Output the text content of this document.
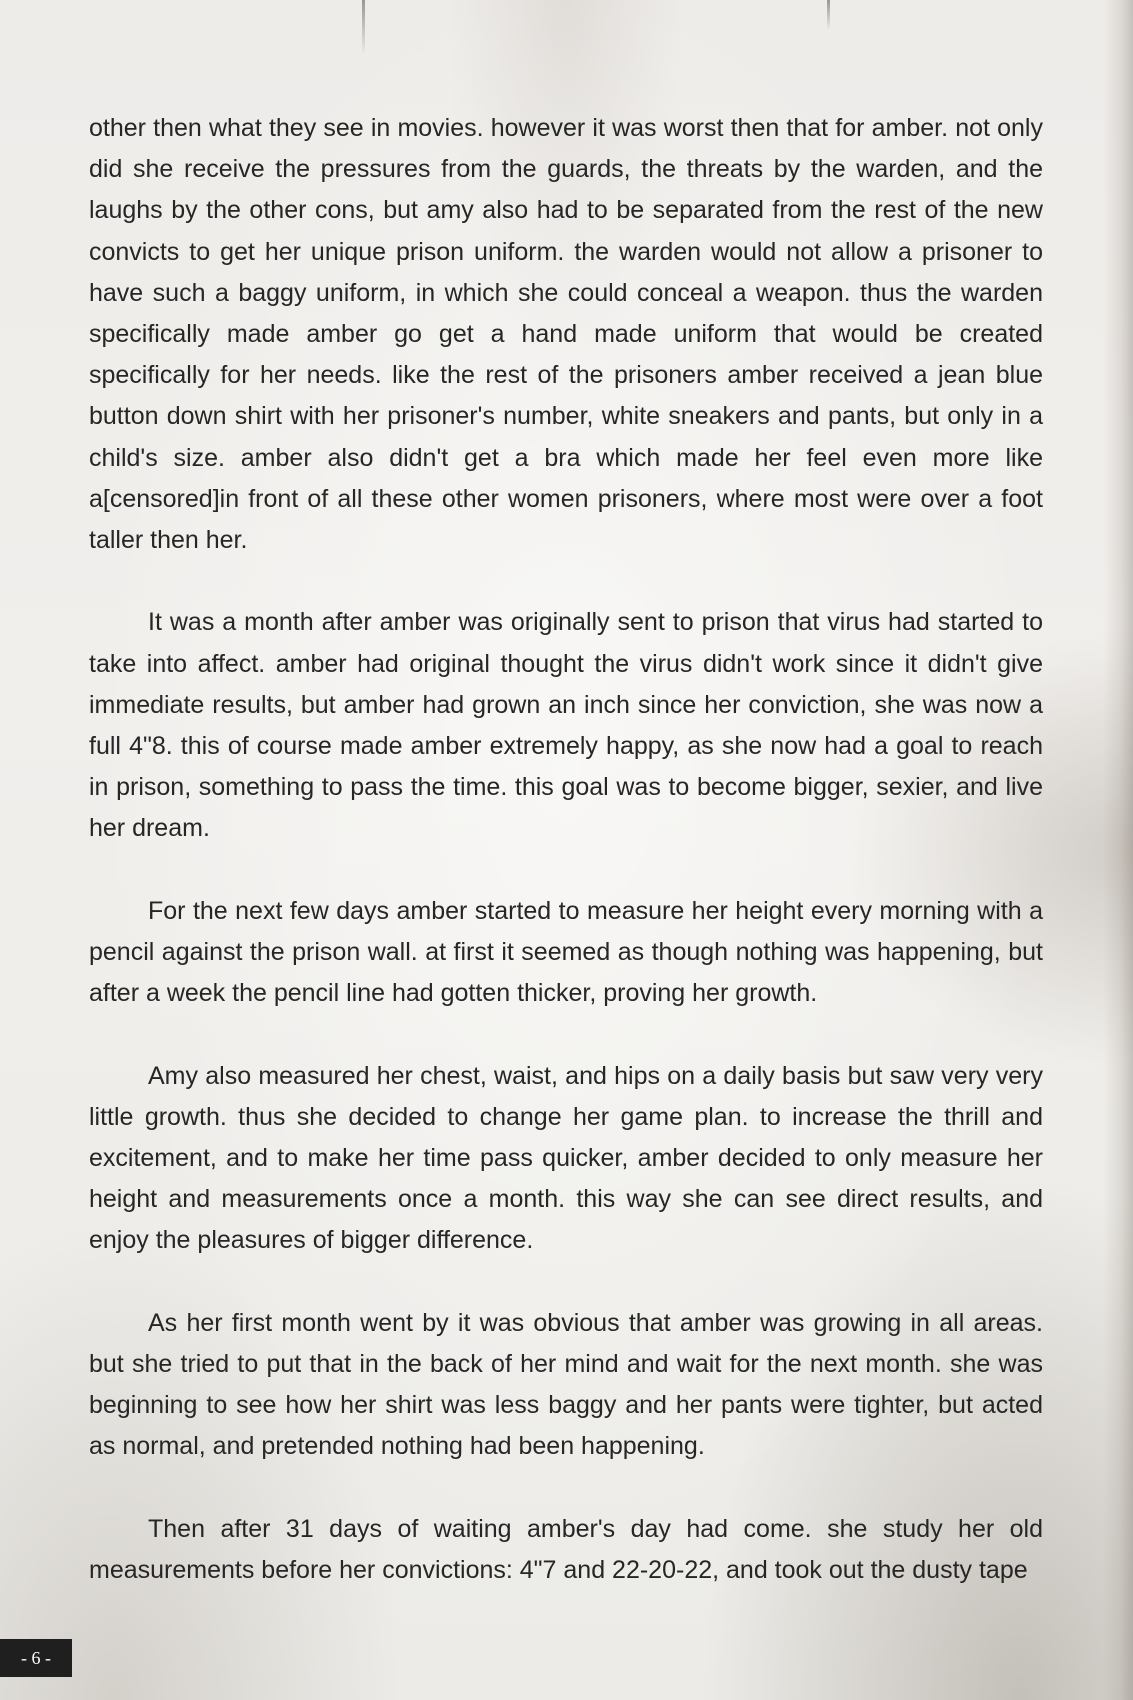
other then what they see in movies. however it was worst then that for amber. not only did she receive the pressures from the guards, the threats by the warden, and the laughs by the other cons, but amy also had to be separated from the rest of the new convicts to get her unique prison uniform. the warden would not allow a prisoner to have such a baggy uniform, in which she could conceal a weapon. thus the warden specifically made amber go get a hand made uniform that would be created specifically for her needs. like the rest of the prisoners amber received a jean blue button down shirt with her prisoner's number, white sneakers and pants, but only in a child's size. amber also didn't get a bra which made her feel even more like a[censored]in front of all these other women prisoners, where most were over a foot taller then her.

It was a month after amber was originally sent to prison that virus had started to take into affect. amber had original thought the virus didn't work since it didn't give immediate results, but amber had grown an inch since her conviction, she was now a full 4"8. this of course made amber extremely happy, as she now had a goal to reach in prison, something to pass the time. this goal was to become bigger, sexier, and live her dream.

For the next few days amber started to measure her height every morning with a pencil against the prison wall. at first it seemed as though nothing was happening, but after a week the pencil line had gotten thicker, proving her growth.

Amy also measured her chest, waist, and hips on a daily basis but saw very very little growth. thus she decided to change her game plan. to increase the thrill and excitement, and to make her time pass quicker, amber decided to only measure her height and measurements once a month. this way she can see direct results, and enjoy the pleasures of bigger difference.

As her first month went by it was obvious that amber was growing in all areas. but she tried to put that in the back of her mind and wait for the next month. she was beginning to see how her shirt was less baggy and her pants were tighter, but acted as normal, and pretended nothing had been happening.

Then after 31 days of waiting amber's day had come. she study her old measurements before her convictions: 4"7 and 22-20-22, and took out the dusty tape

- 6 -
